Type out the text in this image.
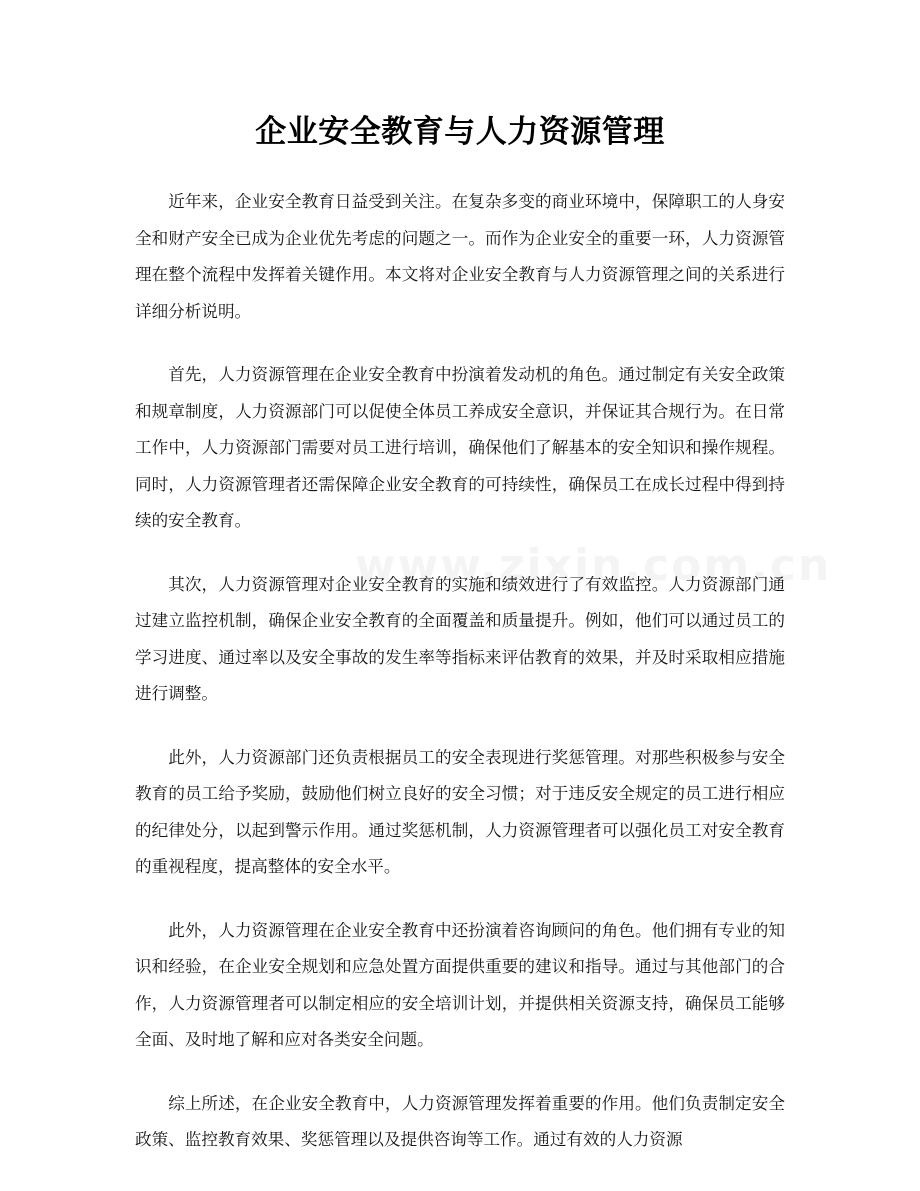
企业安全教育与人力资源管理

近年来，企业安全教育日益受到关注。在复杂多变的商业环境中，保障职工的人身安全和财产安全已成为企业优先考虑的问题之一。而作为企业安全的重要一环，人力资源管理在整个流程中发挥着关键作用。本文将对企业安全教育与人力资源管理之间的关系进行详细分析说明。

首先，人力资源管理在企业安全教育中扮演着发动机的角色。通过制定有关安全政策和规章制度，人力资源部门可以促使全体员工养成安全意识，并保证其合规行为。在日常工作中，人力资源部门需要对员工进行培训，确保他们了解基本的安全知识和操作规程。同时，人力资源管理者还需保障企业安全教育的可持续性，确保员工在成长过程中得到持续的安全教育。

其次，人力资源管理对企业安全教育的实施和绩效进行了有效监控。人力资源部门通过建立监控机制，确保企业安全教育的全面覆盖和质量提升。例如，他们可以通过员工的学习进度、通过率以及安全事故的发生率等指标来评估教育的效果，并及时采取相应措施进行调整。

此外，人力资源部门还负责根据员工的安全表现进行奖惩管理。对那些积极参与安全教育的员工给予奖励，鼓励他们树立良好的安全习惯；对于违反安全规定的员工进行相应的纪律处分，以起到警示作用。通过奖惩机制，人力资源管理者可以强化员工对安全教育的重视程度，提高整体的安全水平。

此外，人力资源管理在企业安全教育中还扮演着咨询顾问的角色。他们拥有专业的知识和经验，在企业安全规划和应急处置方面提供重要的建议和指导。通过与其他部门的合作，人力资源管理者可以制定相应的安全培训计划，并提供相关资源支持，确保员工能够全面、及时地了解和应对各类安全问题。

综上所述，在企业安全教育中，人力资源管理发挥着重要的作用。他们负责制定安全政策、监控教育效果、奖惩管理以及提供咨询等工作。通过有效的人力资源
